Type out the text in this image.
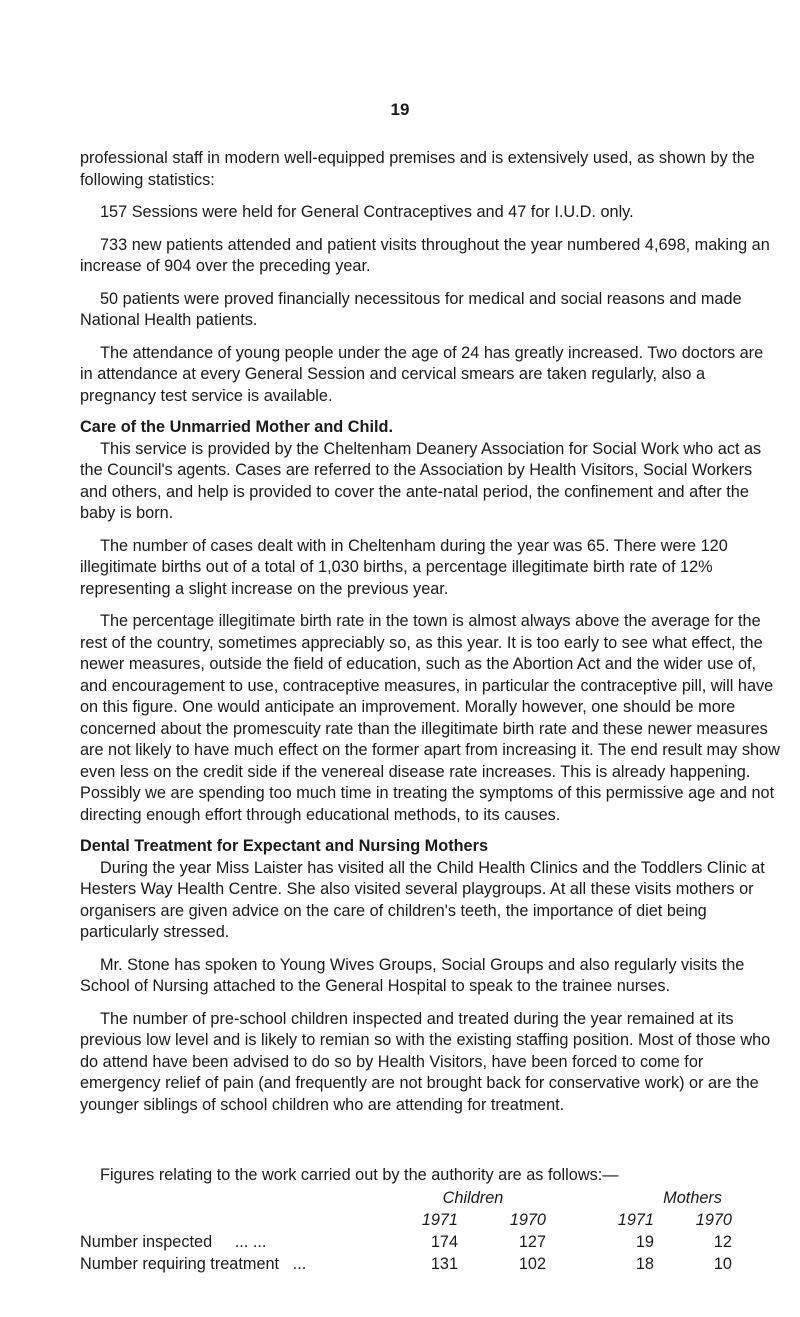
19

professional staff in modern well-equipped premises and is extensively used, as shown by the following statistics:

157 Sessions were held for General Contraceptives and 47 for I.U.D. only.

733 new patients attended and patient visits throughout the year numbered 4,698, making an increase of 904 over the preceding year.

50 patients were proved financially necessitous for medical and social reasons and made National Health patients.

The attendance of young people under the age of 24 has greatly increased. Two doctors are in attendance at every General Session and cervical smears are taken regularly, also a pregnancy test service is available.

Care of the Unmarried Mother and Child.

This service is provided by the Cheltenham Deanery Association for Social Work who act as the Council's agents. Cases are referred to the Association by Health Visitors, Social Workers and others, and help is provided to cover the ante-natal period, the confinement and after the baby is born.

The number of cases dealt with in Cheltenham during the year was 65. There were 120 illegitimate births out of a total of 1,030 births, a percentage illegitimate birth rate of 12% representing a slight increase on the previous year.

The percentage illegitimate birth rate in the town is almost always above the average for the rest of the country, sometimes appreciably so, as this year. It is too early to see what effect, the newer measures, outside the field of education, such as the Abortion Act and the wider use of, and encouragement to use, contraceptive measures, in particular the contraceptive pill, will have on this figure. One would anticipate an improvement. Morally however, one should be more concerned about the promescuity rate than the illegitimate birth rate and these newer measures are not likely to have much effect on the former apart from increasing it. The end result may show even less on the credit side if the venereal disease rate increases. This is already happening. Possibly we are spending too much time in treating the symptoms of this permissive age and not directing enough effort through educational methods, to its causes.

Dental Treatment for Expectant and Nursing Mothers

During the year Miss Laister has visited all the Child Health Clinics and the Toddlers Clinic at Hesters Way Health Centre. She also visited several playgroups. At all these visits mothers or organisers are given advice on the care of children's teeth, the importance of diet being particularly stressed.

Mr. Stone has spoken to Young Wives Groups, Social Groups and also regularly visits the School of Nursing attached to the General Hospital to speak to the trainee nurses.

The number of pre-school children inspected and treated during the year remained at its previous low level and is likely to remian so with the existing staffing position. Most of those who do attend have been advised to do so by Health Visitors, have been forced to come for emergency relief of pain (and frequently are not brought back for conservative work) or are the younger siblings of school children who are attending for treatment.

Figures relating to the work carried out by the authority are as follows:—
	Children		Mothers	
	1971	1970	1971	1970
Number inspected ... ...	174	127	19	12
Number requiring treatment ...	131	102	18	10
